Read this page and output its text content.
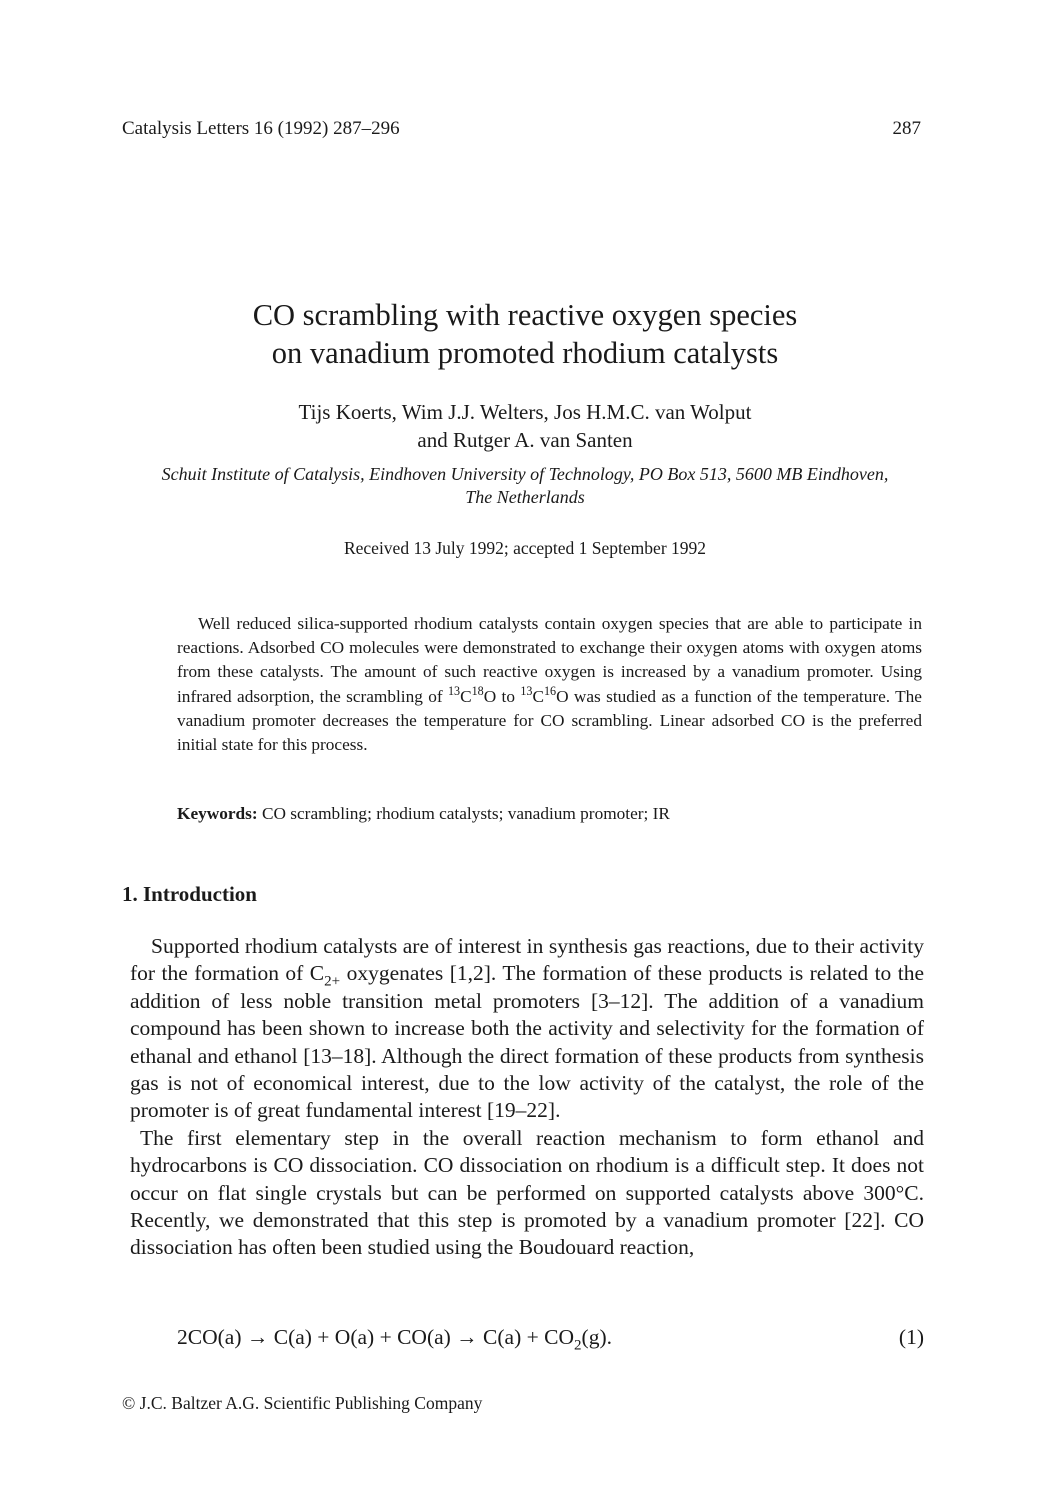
Catalysis Letters 16 (1992) 287–296	287
CO scrambling with reactive oxygen species
on vanadium promoted rhodium catalysts
Tijs Koerts, Wim J.J. Welters, Jos H.M.C. van Wolput
and Rutger A. van Santen
Schuit Institute of Catalysis, Eindhoven University of Technology, PO Box 513, 5600 MB Eindhoven,
The Netherlands
Received 13 July 1992; accepted 1 September 1992

Well reduced silica-supported rhodium catalysts contain oxygen species that are able to participate in reactions. Adsorbed CO molecules were demonstrated to exchange their oxygen atoms with oxygen atoms from these catalysts. The amount of such reactive oxygen is increased by a vanadium promoter. Using infrared adsorption, the scrambling of $^{13}C^{18}O$ to $^{13}C^{16}O$ was studied as a function of the temperature. The vanadium promoter decreases the temperature for CO scrambling. Linear adsorbed CO is the preferred initial state for this process.

Keywords: CO scrambling; rhodium catalysts; vanadium promoter; IR
1. Introduction

Supported rhodium catalysts are of interest in synthesis gas reactions, due to their activity for the formation of $C_{2+}$ oxygenates [1,2]. The formation of these products is related to the addition of less noble transition metal promoters [3–12]. The addition of a vanadium compound has been shown to increase both the activity and selectivity for the formation of ethanal and ethanol [13–18]. Although the direct formation of these products from synthesis gas is not of economical interest, due to the low activity of the catalyst, the role of the promoter is of great fundamental interest [19–22].

The first elementary step in the overall reaction mechanism to form ethanol and hydrocarbons is CO dissociation. CO dissociation on rhodium is a difficult step. It does not occur on flat single crystals but can be performed on supported catalysts above 300°C. Recently, we demonstrated that this step is promoted by a vanadium promoter [22]. CO dissociation has often been studied using the Boudouard reaction,

$2CO(a) \to C(a) + O(a) + CO(a) \to C(a) + CO_2(g)$.	(1)
© J.C. Baltzer A.G. Scientific Publishing Company
